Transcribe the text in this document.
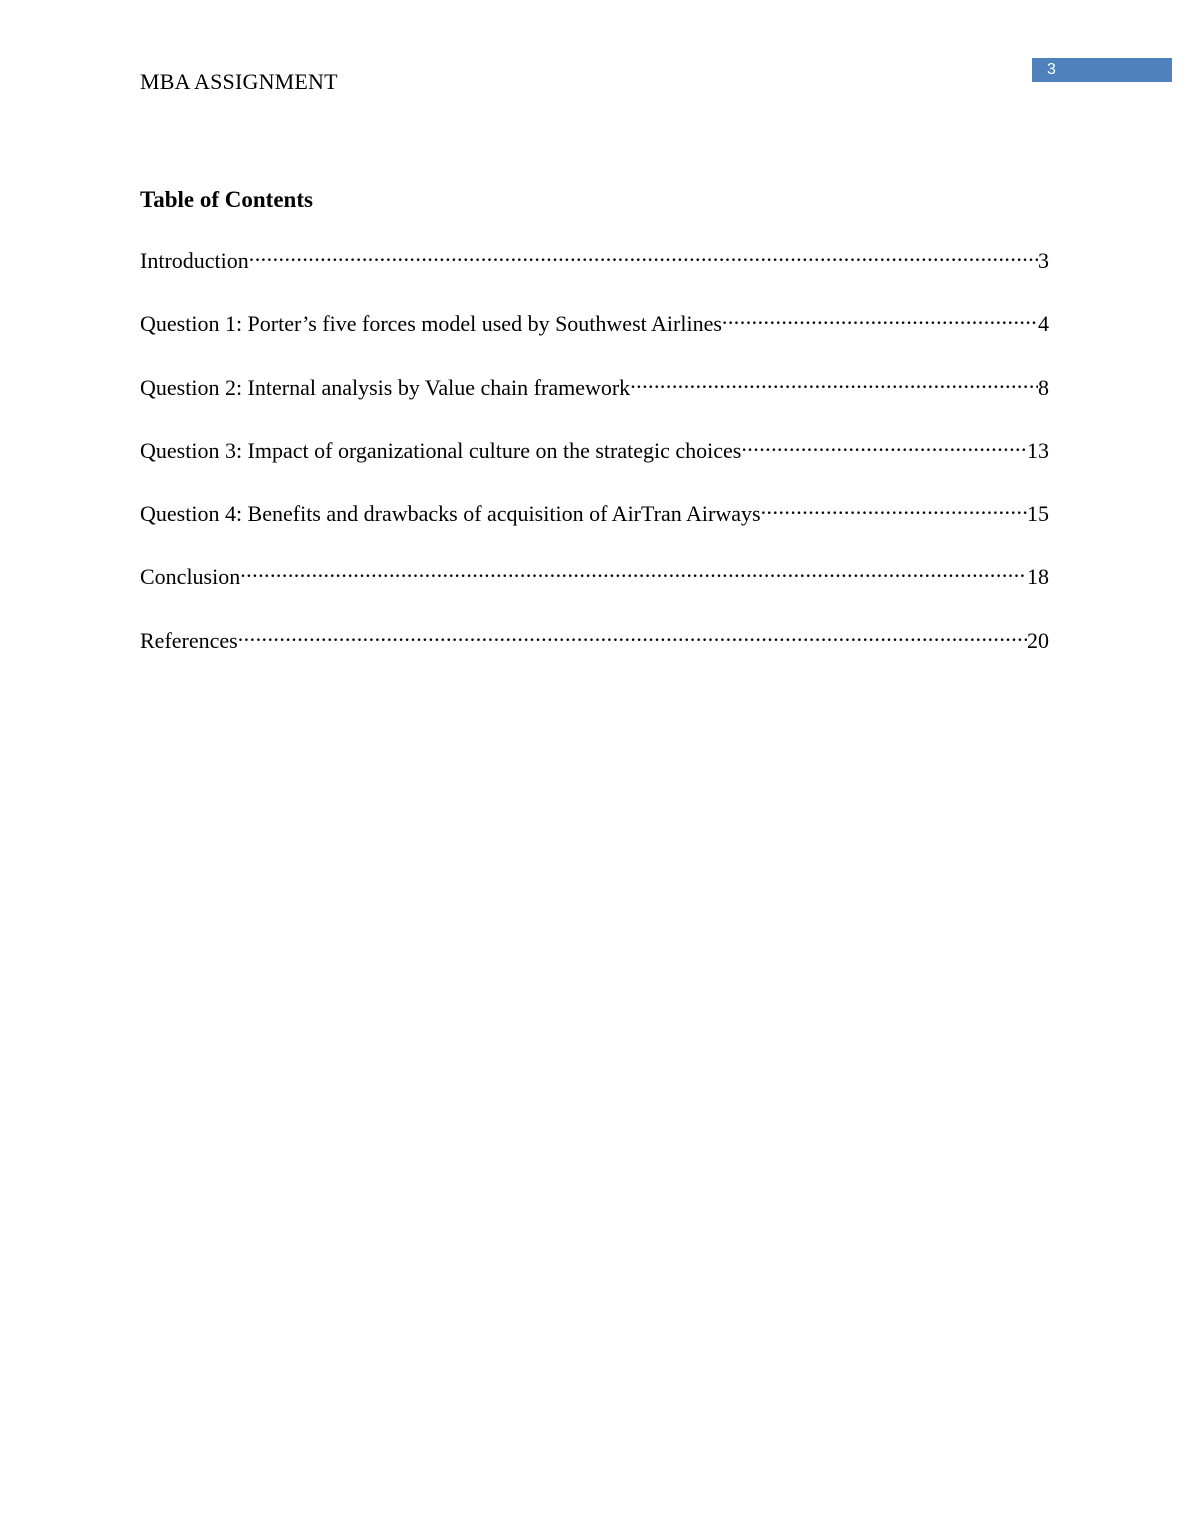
3
MBA ASSIGNMENT
Table of Contents
Introduction .....	3
Question 1: Porter’s five forces model used by Southwest Airlines .....	4
Question 2: Internal analysis by Value chain framework .....	8
Question 3: Impact of organizational culture on the strategic choices .....	13
Question 4: Benefits and drawbacks of acquisition of AirTran Airways .....	15
Conclusion .....	18
References .....	20
